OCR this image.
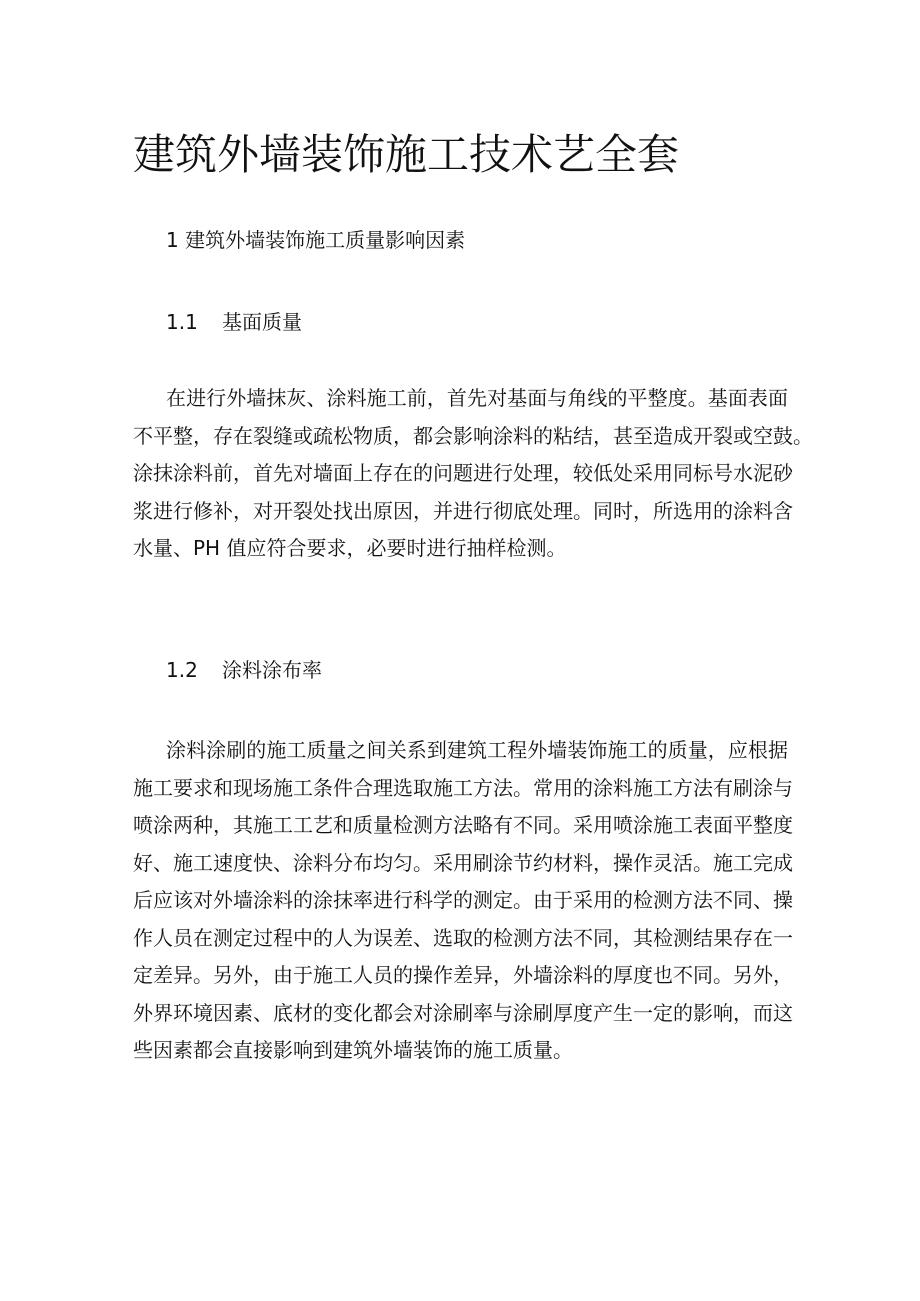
建筑外墙装饰施工技术艺全套
1 建筑外墙装饰施工质量影响因素
1.1 基面质量
在进行外墙抹灰、涂料施工前，首先对基面与角线的平整度。基面表面
不平整，存在裂缝或疏松物质，都会影响涂料的粘结，甚至造成开裂或空鼓。
涂抹涂料前，首先对墙面上存在的问题进行处理，较低处采用同标号水泥砂
浆进行修补，对开裂处找出原因，并进行彻底处理。同时，所选用的涂料含
水量、PH 值应符合要求，必要时进行抽样检测。
1.2 涂料涂布率
涂料涂刷的施工质量之间关系到建筑工程外墙装饰施工的质量，应根据
施工要求和现场施工条件合理选取施工方法。常用的涂料施工方法有刷涂与
喷涂两种，其施工工艺和质量检测方法略有不同。采用喷涂施工表面平整度
好、施工速度快、涂料分布均匀。采用刷涂节约材料，操作灵活。施工完成
后应该对外墙涂料的涂抹率进行科学的测定。由于采用的检测方法不同、操
作人员在测定过程中的人为误差、选取的检测方法不同，其检测结果存在一
定差异。另外，由于施工人员的操作差异，外墙涂料的厚度也不同。另外，
外界环境因素、底材的变化都会对涂刷率与涂刷厚度产生一定的影响，而这
些因素都会直接影响到建筑外墙装饰的施工质量。
